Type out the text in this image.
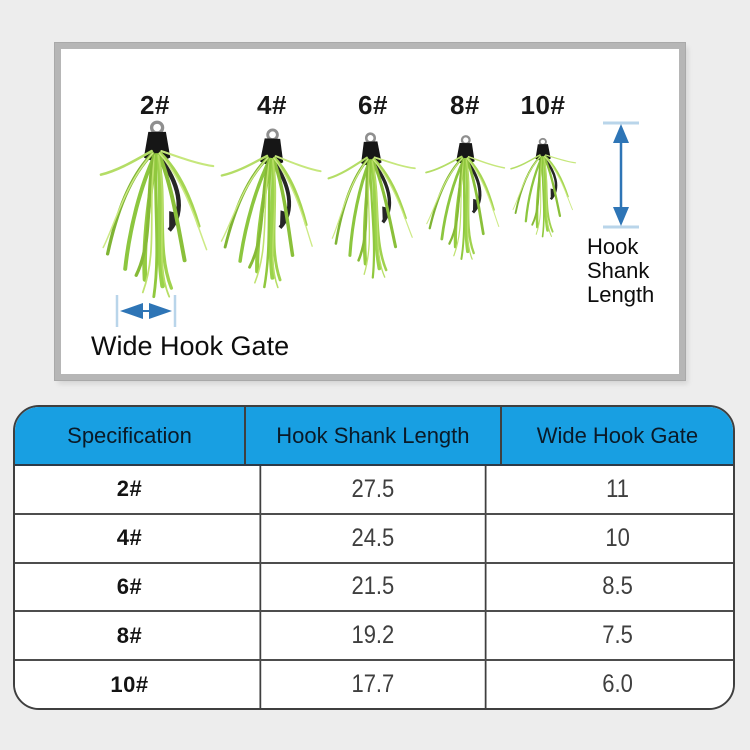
2#	4#	6#	8#	10#
Hook
Shank
Length
Wide Hook Gate
Specification	Hook Shank Length	Wide Hook Gate
2#	27.5	11
4#	24.5	10
6#	21.5	8.5
8#	19.2	7.5
10#	17.7	6.0
